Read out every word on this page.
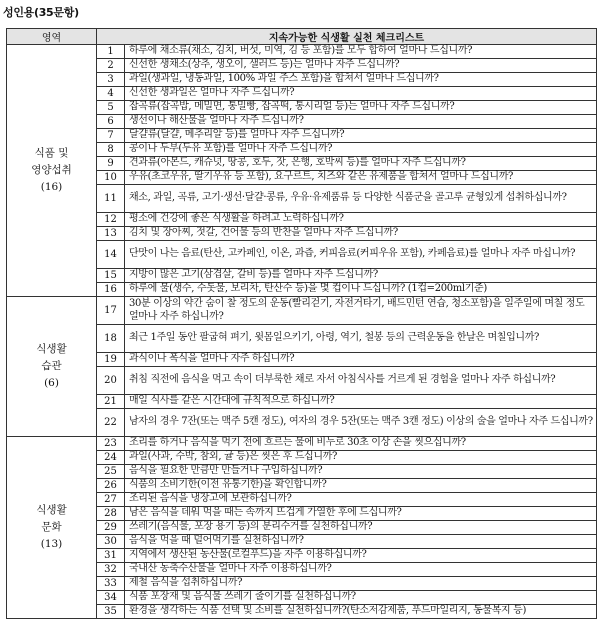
성인용(35문항)
영역	지속가능한 식생활 실천 체크리스트	

식품 및
영양섭취
(16)	1	하루에 채소류(채소, 김치, 버섯, 미역, 김 등 포함)를 모두 합하여 얼마나 드십니까?
	2	신선한 생채소(상추, 생오이, 샐러드 등)는 얼마나 자주 드십니까?
	3	과일(생과일, 냉동과일, 100% 과일 주스 포함)을 합쳐서 얼마나 드십니까?
	4	신선한 생과일은 얼마나 자주 드십니까?
	5	잡곡류(잡곡밥, 메밀면, 통밀빵, 잡곡떡, 통시리얼 등)는 얼마나 자주 드십니까?
	6	생선이나 해산물을 얼마나 자주 드십니까?
	7	달걀류(달걀, 메추리알 등)를 얼마나 자주 드십니까?
	8	콩이나 두부(두유 포함)를 얼마나 자주 드십니까?
	9	견과류(아몬드, 캐슈넛, 땅콩, 호두, 잣, 은행, 호박씨 등)를 얼마나 자주 드십니까?
	10	우유(초코우유, 딸기우유 등 포함), 요구르트, 치즈와 같은 유제품을 합쳐서 얼마나 드십니까?
	11	채소, 과일, 곡류, 고기·생선·달걀·콩류, 우유·유제품류 등 다양한 식품군을 골고루 균형있게 섭취하십니까?
	12	평소에 건강에 좋은 식생활을 하려고 노력하십니까?
	13	김치 및 장아찌, 젓갈, 건어물 등의 반찬을 얼마나 자주 드십니까?
	14	단맛이 나는 음료(탄산, 고카페인, 이온, 과즙, 커피음료(커피우유 포함), 카페음료)를 얼마나 자주 마십니까?
	15	지방이 많은 고기(삼겹살, 갈비 등)를 얼마나 자주 드십니까?
	16	하루에 물(생수, 수돗물, 보리차, 탄산수 등)을 몇 컵이나 드십니까? (1컵=200ml기준)

식생활
습관
(6)	17	30분 이상의 약간 숨이 찰 정도의 운동(빨리걷기, 자전거타기, 배드민턴 연습, 청소포함)을 일주일에 며칠 정도 얼마나 자주 하십니까?
	18	최근 1주일 동안 팔굽혀 펴기, 윗몸일으키기, 아령, 역기, 철봉 등의 근력운동을 한날은 며칠입니까?
	19	과식이나 폭식을 얼마나 자주 하십니까?
	20	취침 직전에 음식을 먹고 속이 더부룩한 채로 자서 아침식사를 거르게 된 경험을 얼마나 자주 하십니까?
	21	매일 식사를 같은 시간대에 규칙적으로 하십니까?
	22	남자의 경우 7잔(또는 맥주 5캔 정도), 여자의 경우 5잔(또는 맥주 3캔 정도) 이상의 술을 얼마나 자주 드십니까?

식생활
문화
(13)	23	조리를 하거나 음식을 먹기 전에 흐르는 물에 비누로 30초 이상 손을 씻으십니까?
	24	과일(사과, 수박, 참외, 귤 등)은 씻은 후 드십니까?
	25	음식을 필요한 만큼만 만들거나 구입하십니까?
	26	식품의 소비기한(이전 유통기한)을 확인합니까?
	27	조리된 음식을 냉장고에 보관하십니까?
	28	남은 음식을 데워 먹을 때는 속까지 뜨겁게 가열한 후에 드십니까?
	29	쓰레기(음식물, 포장 용기 등)의 분리수거를 실천하십니까?
	30	음식을 먹을 때 덜어먹기를 실천하십니까?
	31	지역에서 생산된 농산물(로컬푸드)을 자주 이용하십니까?
	32	국내산 농축수산물을 얼마나 자주 이용하십니까?
	33	제철 음식을 섭취하십니까?
	34	식품 포장재 및 음식물 쓰레기 줄이기를 실천하십니까?
	35	환경을 생각하는 식품 선택 및 소비를 실천하십니까?(탄소저감제품, 푸드마일리지, 동물복지 등)
